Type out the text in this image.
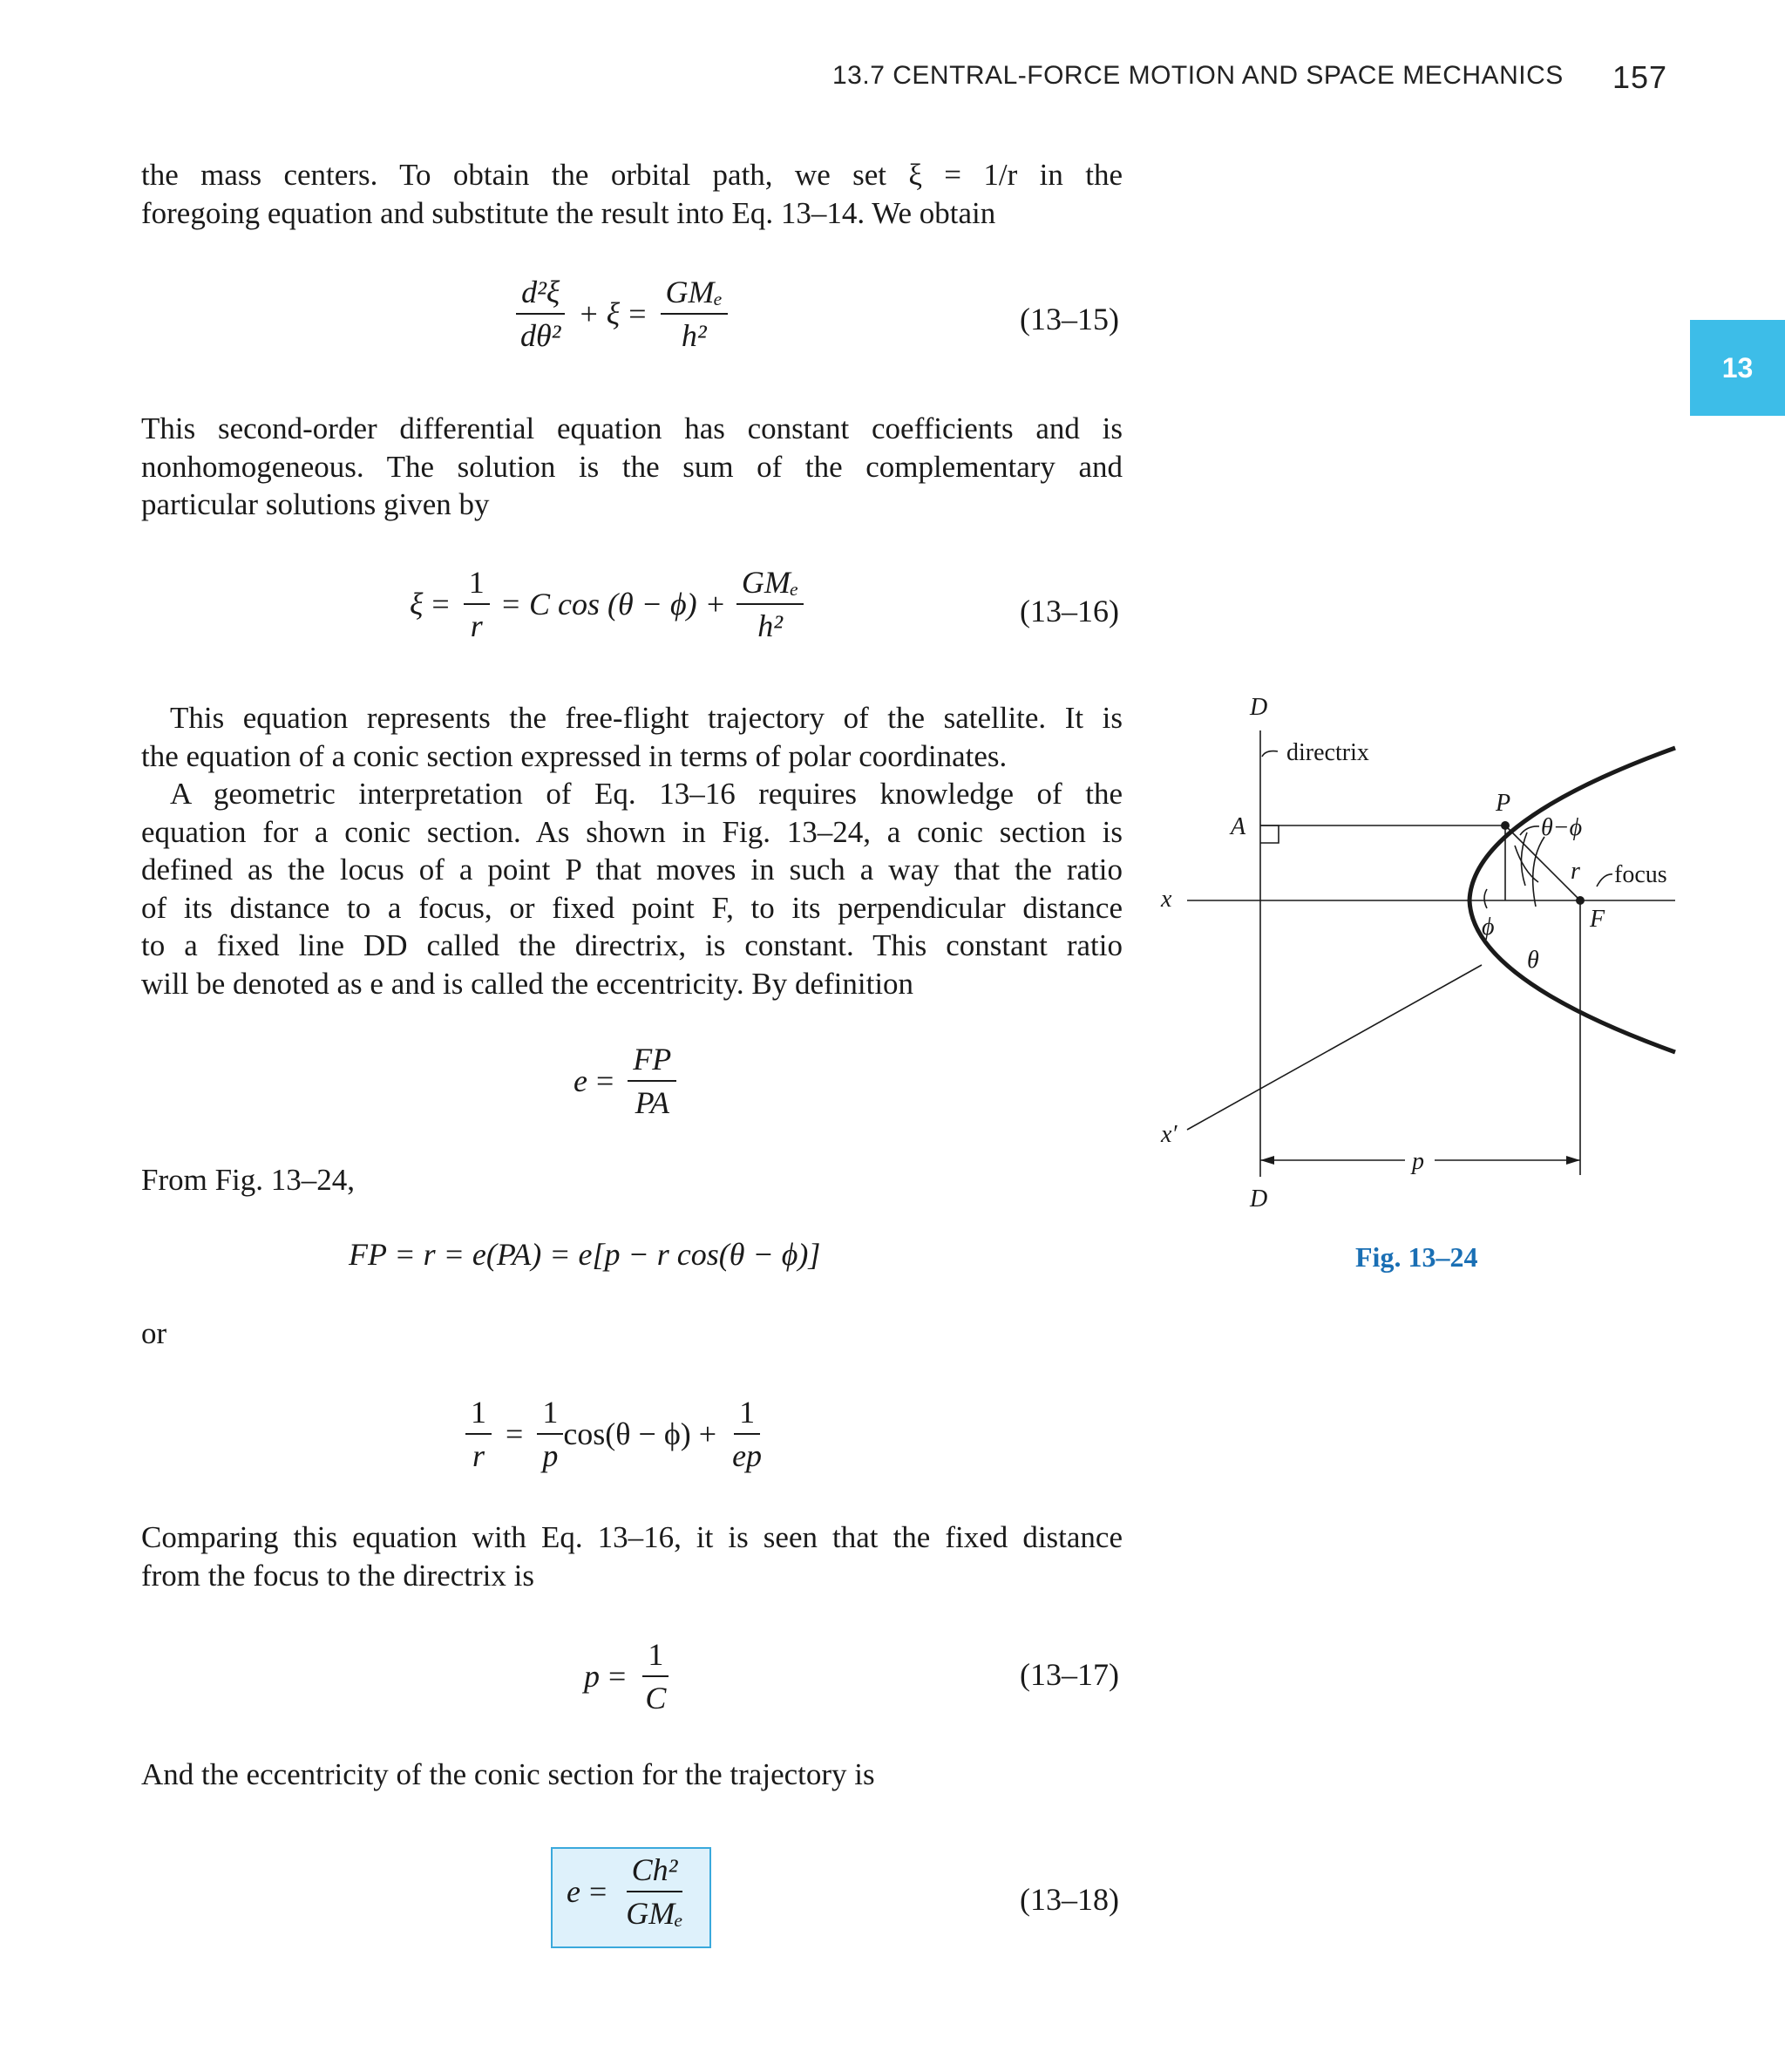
13.7 CENTRAL-FORCE MOTION AND SPACE MECHANICS 157
13
the mass centers. To obtain the orbital path, we set ξ = 1/r in the
foregoing equation and substitute the result into Eq. 13–14. We obtain
$\frac{\text{d²ξ}}{\text{dθ²}} + \xi = \frac{\text{GMₑ}}{\text{h²}}$	(13–15)
This second-order differential equation has constant coefficients and is
nonhomogeneous. The solution is the sum of the complementary and
particular solutions given by
$\xi = \frac{1}{r} = C$ $\cos (\theta - \phi) + \frac{\text{GMₑ}}{\text{h²}}$	(13–16)
This equation represents the free-flight trajectory of the satellite. It is
the equation of a conic section expressed in terms of polar coordinates.
A geometric interpretation of Eq. 13–16 requires knowledge of the
equation for a conic section. As shown in Fig. 13–24, a conic section is
defined as the locus of a point P that moves in such a way that the ratio
of its distance to a focus, or fixed point F, to its perpendicular distance
to a fixed line DD called the directrix, is constant. This constant ratio
will be denoted as e and is called the eccentricity. By definition
$e = \frac{FP}{PA}$
From Fig. 13–24,
FP = r = e(PA) = e[p − r cos(θ − ϕ)]
or
$\frac{1}{r} = \frac{1}{p} \cos(\theta - \phi) + \frac{1}{ep}$
Comparing this equation with Eq. 13–16, it is seen that the fixed distance
from the focus to the directrix is
$p = \frac{1}{C}$	(13–17)
And the eccentricity of the conic section for the trajectory is
$e = \frac{\text{Ch²}}{\text{GMₑ}}$	(13–18)
D
A
P
θ−ϕ
r
x
F
ϕ
θ
x′
p
D
directrix
focus
Fig. 13–24
